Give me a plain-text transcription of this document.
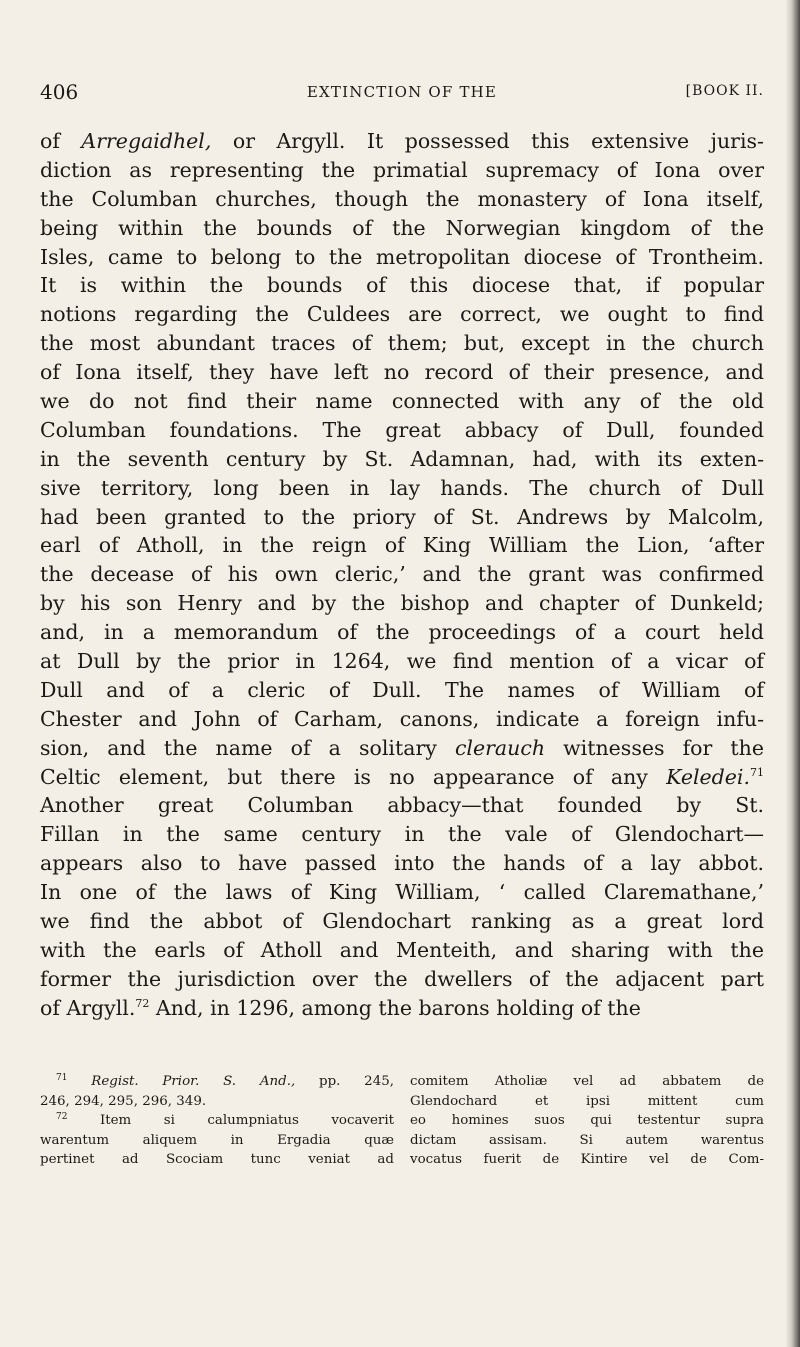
406	EXTINCTION OF THE	[BOOK II.
of Arregaidhel, or Argyll. It possessed this extensive juris-
diction as representing the primatial supremacy of Iona over
the Columban churches, though the monastery of Iona itself,
being within the bounds of the Norwegian kingdom of the
Isles, came to belong to the metropolitan diocese of Trontheim.
It is within the bounds of this diocese that, if popular
notions regarding the Culdees are correct, we ought to find
the most abundant traces of them; but, except in the church
of Iona itself, they have left no record of their presence, and
we do not find their name connected with any of the old
Columban foundations. The great abbacy of Dull, founded
in the seventh century by St. Adamnan, had, with its exten-
sive territory, long been in lay hands. The church of Dull
had been granted to the priory of St. Andrews by Malcolm,
earl of Atholl, in the reign of King William the Lion, ‘after
the decease of his own cleric,’ and the grant was confirmed
by his son Henry and by the bishop and chapter of Dunkeld;
and, in a memorandum of the proceedings of a court held
at Dull by the prior in 1264, we find mention of a vicar of
Dull and of a cleric of Dull. The names of William of
Chester and John of Carham, canons, indicate a foreign infu-
sion, and the name of a solitary clerauch witnesses for the
Celtic element, but there is no appearance of any Keledei.$^{71}$
Another great Columban abbacy—that founded by St.
Fillan in the same century in the vale of Glendochart—
appears also to have passed into the hands of a lay abbot.
In one of the laws of King William, ‘ called Claremathane,’
we find the abbot of Glendochart ranking as a great lord
with the earls of Atholl and Menteith, and sharing with the
former the jurisdiction over the dwellers of the adjacent part
of Argyll.$^{72}$ And, in 1296, among the barons holding of the
$^{71}$ Regist. Prior. S. And., pp. 245,
246, 294, 295, 296, 349.
$^{72}$ Item si calumpniatus vocaverit
warentum aliquem in Ergadia quæ
pertinet ad Scociam tunc veniat ad
comitem Atholiæ vel ad abbatem de
Glendochard et ipsi mittent cum
eo homines suos qui testentur supra
dictam assisam. Si autem warentus
vocatus fuerit de Kintire vel de Com-
